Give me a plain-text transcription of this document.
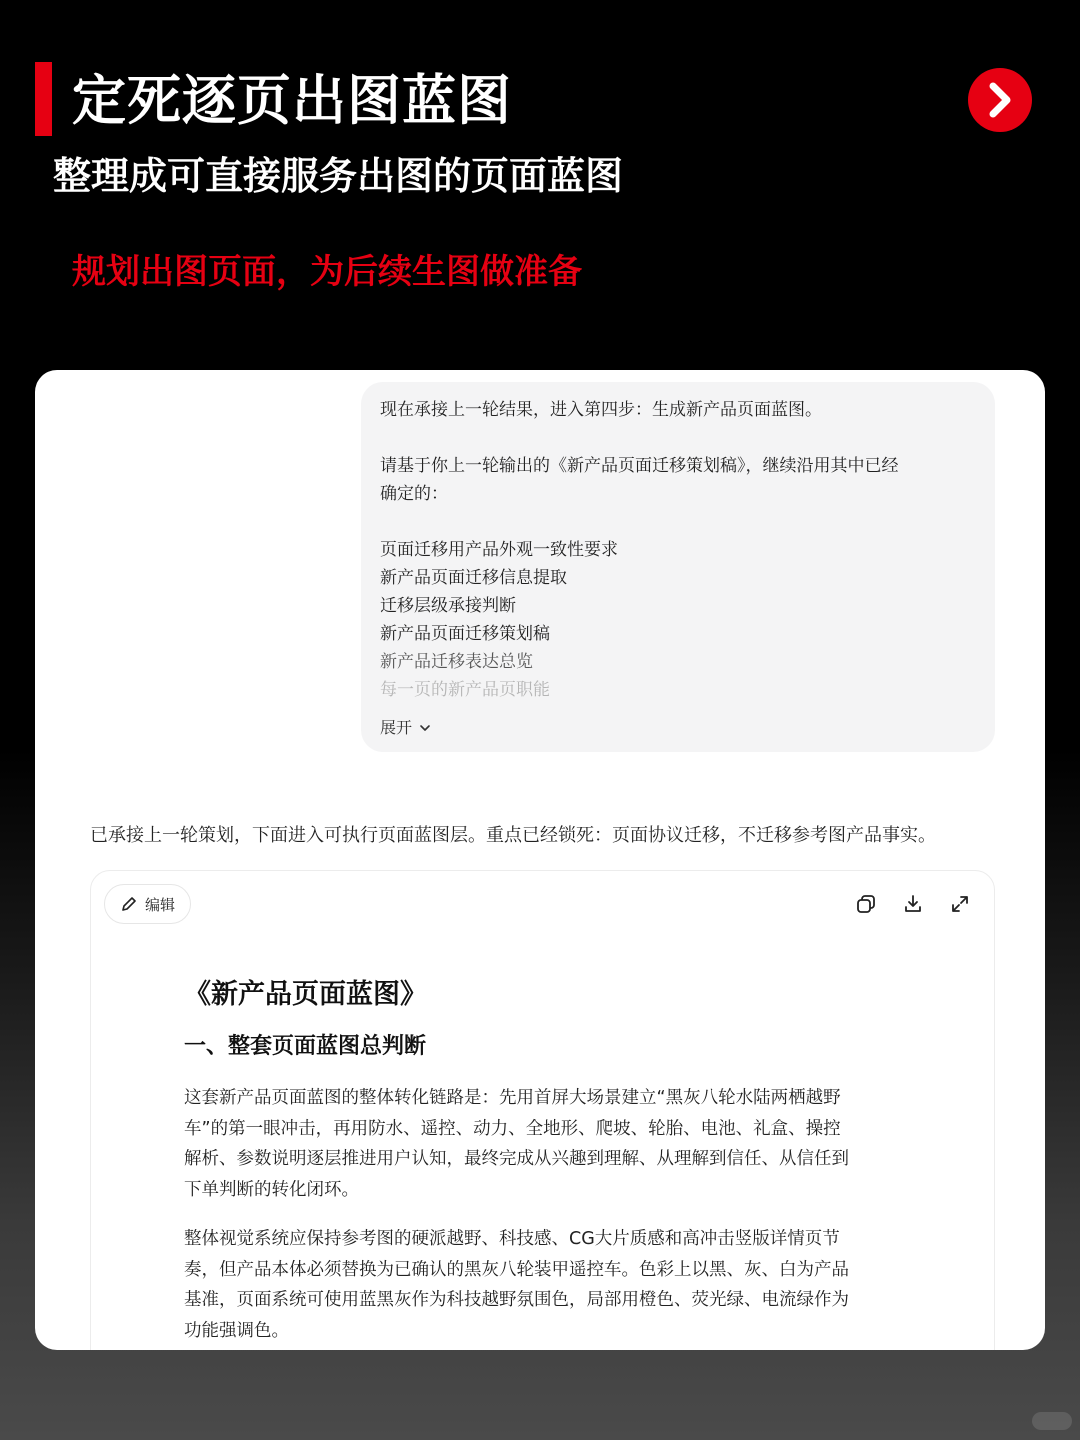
定死逐页出图蓝图
整理成可直接服务出图的页面蓝图
规划出图页面，为后续生图做准备

现在承接上一轮结果，进入第四步：生成新产品页面蓝图。

请基于你上一轮输出的《新产品页面迁移策划稿》，继续沿用其中已经

确定的：

页面迁移用产品外观一致性要求

新产品页面迁移信息提取

迁移层级承接判断

新产品页面迁移策划稿

新产品迁移表达总览

每一页的新产品页职能

展开
已承接上一轮策划，下面进入可执行页面蓝图层。重点已经锁死：页面协议迁移，不迁移参考图产品事实。
编辑
《新产品页面蓝图》
一、整套页面蓝图总判断
这套新产品页面蓝图的整体转化链路是：先用首屏大场景建立“黑灰八轮水陆两栖越野
车”的第一眼冲击，再用防水、遥控、动力、全地形、爬坡、轮胎、电池、礼盒、操控
解析、参数说明逐层推进用户认知，最终完成从兴趣到理解、从理解到信任、从信任到
下单判断的转化闭环。
整体视觉系统应保持参考图的硬派越野、科技感、CG大片质感和高冲击竖版详情页节
奏，但产品本体必须替换为已确认的黑灰八轮装甲遥控车。色彩上以黑、灰、白为产品
基准，页面系统可使用蓝黑灰作为科技越野氛围色，局部用橙色、荧光绿、电流绿作为
功能强调色。
